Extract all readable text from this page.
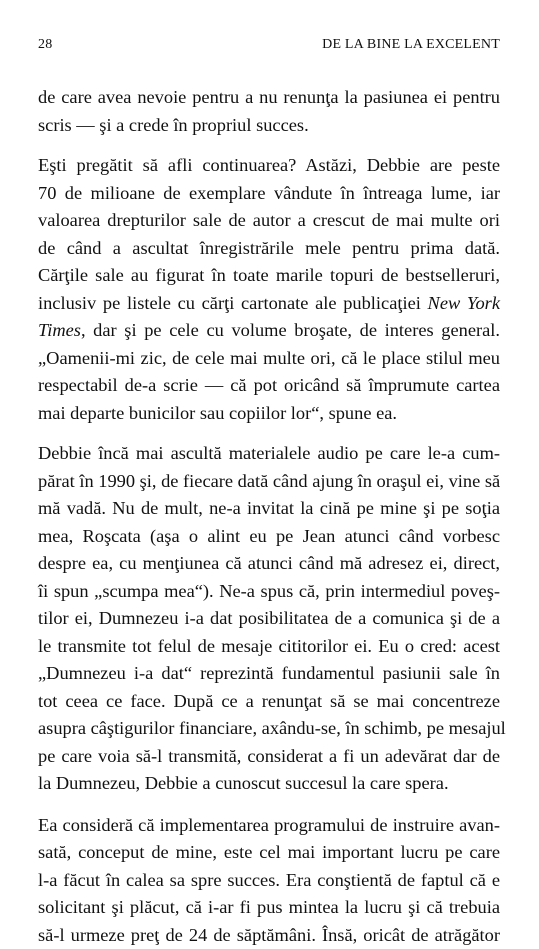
28	DE LA BINE LA EXCELENT
de care avea nevoie pentru a nu renunţa la pasiunea ei pentru
scris — şi a crede în propriul succes.
Eşti pregătit să afli continuarea? Astăzi, Debbie are peste
70 de milioane de exemplare vândute în întreaga lume, iar
valoarea drepturilor sale de autor a crescut de mai multe ori
de când a ascultat înregistrările mele pentru prima dată.
Cărţile sale au figurat în toate marile topuri de bestselleruri,
inclusiv pe listele cu cărţi cartonate ale publicaţiei New York
Times, dar şi pe cele cu volume broşate, de interes general.
„Oamenii-mi zic, de cele mai multe ori, că le place stilul meu
respectabil de-a scrie — că pot oricând să împrumute cartea
mai departe bunicilor sau copiilor lor“, spune ea.
Debbie încă mai ascultă materialele audio pe care le-a cum-
părat în 1990 şi, de fiecare dată când ajung în oraşul ei, vine să
mă vadă. Nu de mult, ne-a invitat la cină pe mine şi pe soţia
mea, Roşcata (aşa o alint eu pe Jean atunci când vorbesc
despre ea, cu menţiunea că atunci când mă adresez ei, direct,
îi spun „scumpa mea“). Ne-a spus că, prin intermediul poveş-
tilor ei, Dumnezeu i-a dat posibilitatea de a comunica şi de a
le transmite tot felul de mesaje cititorilor ei. Eu o cred: acest
„Dumnezeu i-a dat“ reprezintă fundamentul pasiunii sale în
tot ceea ce face. După ce a renunţat să se mai concentreze
asupra câştigurilor financiare, axându-se, în schimb, pe mesajul
pe care voia să-l transmită, considerat a fi un adevărat dar de
la Dumnezeu, Debbie a cunoscut succesul la care spera.
Ea consideră că implementarea programului de instruire avan-
sată, conceput de mine, este cel mai important lucru pe care
l-a făcut în calea sa spre succes. Era conştientă de faptul că e
solicitant şi plăcut, că i-ar fi pus mintea la lucru şi că trebuia
să-l urmeze preţ de 24 de săptămâni. Însă, oricât de atrăgător
